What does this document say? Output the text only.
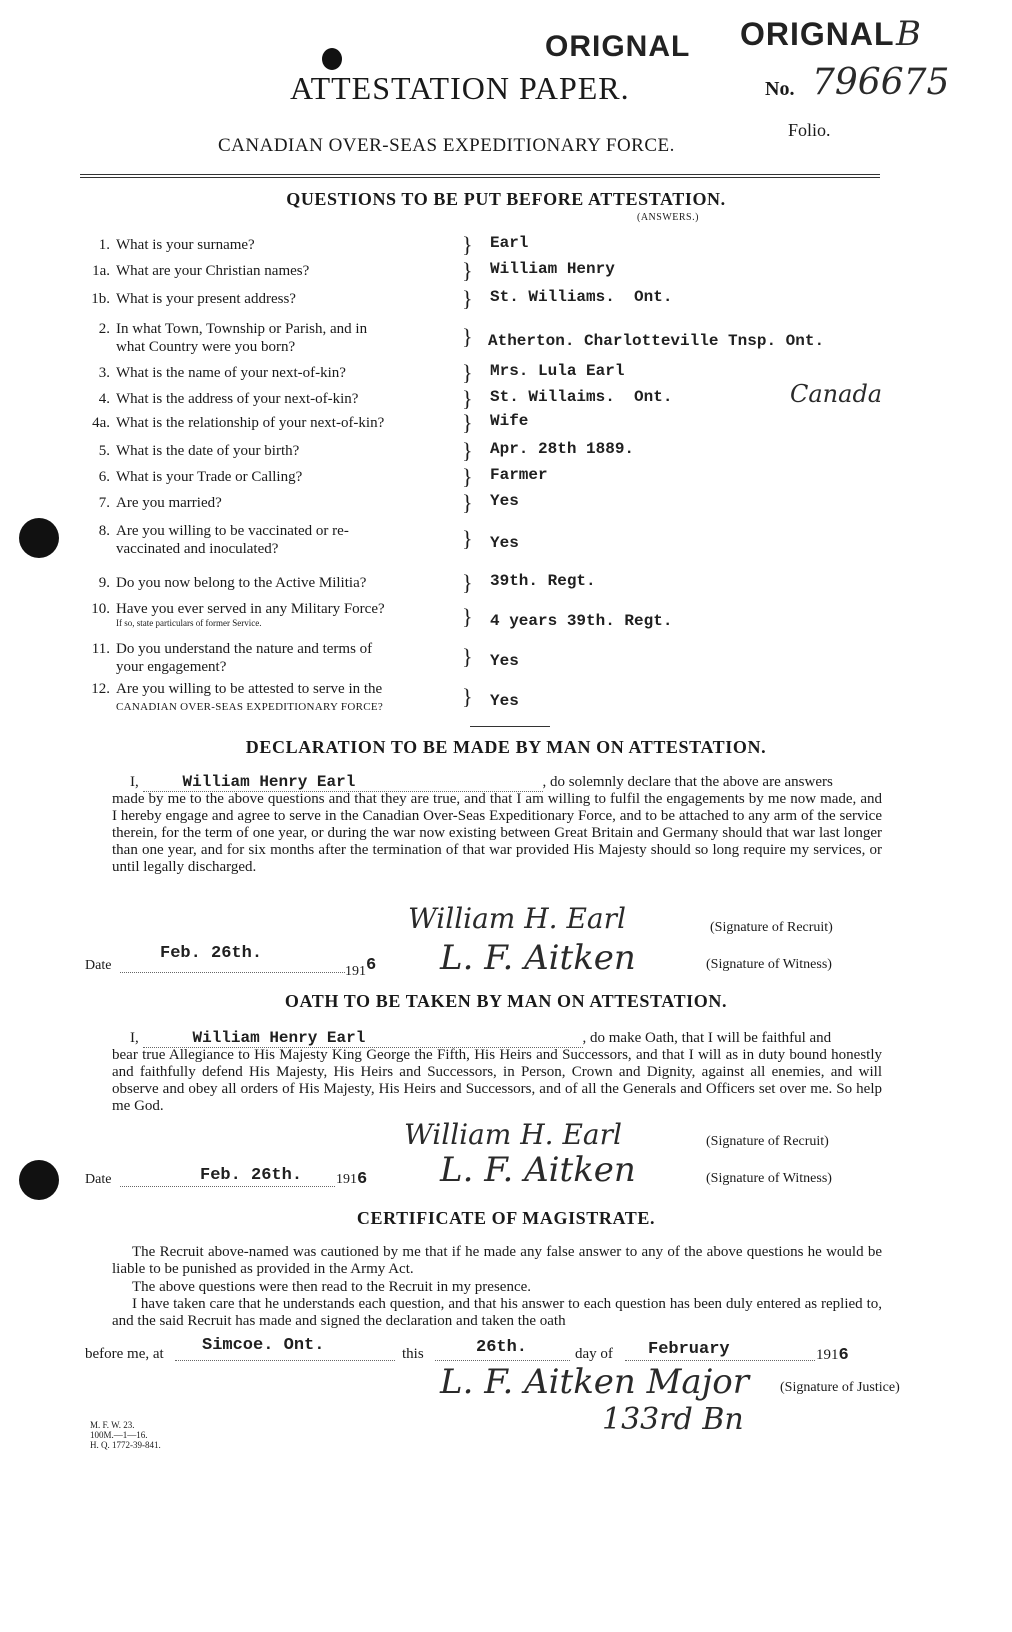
ORIGNAL ORIGNAL B
ATTESTATION PAPER.	No. 796675
Folio.
CANADIAN OVER-SEAS EXPEDITIONARY FORCE.
QUESTIONS TO BE PUT BEFORE ATTESTATION.
(ANSWERS.)
1. What is your surname?	} Earl
1a. What are your Christian names?	} William Henry
1b. What is your present address?	} St. Williams.  Ont.
2. In what Town, Township or Parish, and in
what Country were you born?	} Atherton. Charlotteville Tnsp. Ont.
3. What is the name of your next-of-kin?	} Mrs. Lula Earl
4. What is the address of your next-of-kin?	} St. Willaims.  Ont.	Canada
4a. What is the relationship of your next-of-kin?	} Wife
5. What is the date of your birth?	} Apr. 28th 1889.
6. What is your Trade or Calling?	} Farmer
7. Are you married?	} Yes
8. Are you willing to be vaccinated or re-
vaccinated and inoculated?	} Yes
9. Do you now belong to the Active Militia?	} 39th. Regt.
10. Have you ever served in any Military Force?
If so, state particulars of former Service.	} 4 years 39th. Regt.
11. Do you understand the nature and terms of
your engagement?	} Yes
12. Are you willing to be attested to serve in the
CANADIAN OVER-SEAS EXPEDITIONARY FORCE?	} Yes
DECLARATION TO BE MADE BY MAN ON ATTESTATION.
I,	William Henry Earl	, do solemnly declare that the above are answers
made by me to the above questions and that they are true, and that I am willing to fulfil the engagements by me now made, and I hereby engage and agree to serve in the Canadian Over-Seas Expeditionary Force, and to be attached to any arm of the service therein, for the term of one year, or during the war now existing between Great Britain and Germany should that war last longer than one year, and for six months after the termination of that war provided His Majesty should so long require my services, or until legally discharged.
William H. Earl	(Signature of Recruit)
Date
Feb. 26th.
1916 L. F. Aitken	(Signature of Witness)
OATH TO BE TAKEN BY MAN ON ATTESTATION.
I,	William Henry Earl	, do make Oath, that I will be faithful and
bear true Allegiance to His Majesty King George the Fifth, His Heirs and Successors, and that I will as in duty bound honestly and faithfully defend His Majesty, His Heirs and Successors, in Person, Crown and Dignity, against all enemies, and will observe and obey all orders of His Majesty, His Heirs and Successors, and of all the Generals and Officers set over me. So help me God.
William H. Earl	(Signature of Recruit)
Date	Feb. 26th. 1916 L. F. Aitken	(Signature of Witness)
CERTIFICATE OF MAGISTRATE.
The Recruit above-named was cautioned by me that if he made any false answer to any of the above questions he would be liable to be punished as provided in the Army Act.
The above questions were then read to the Recruit in my presence.
I have taken care that he understands each question, and that his answer to each question has been duly entered as replied to, and the said Recruit has made and signed the declaration and taken the oath
before me, at Simcoe. Ont.	this	26th.	day of February	1916
L. F. Aitken Major (Signature of Justice)
133rd Bn
M. F. W. 23.
100M.—1—16.
H. Q. 1772-39-841.
